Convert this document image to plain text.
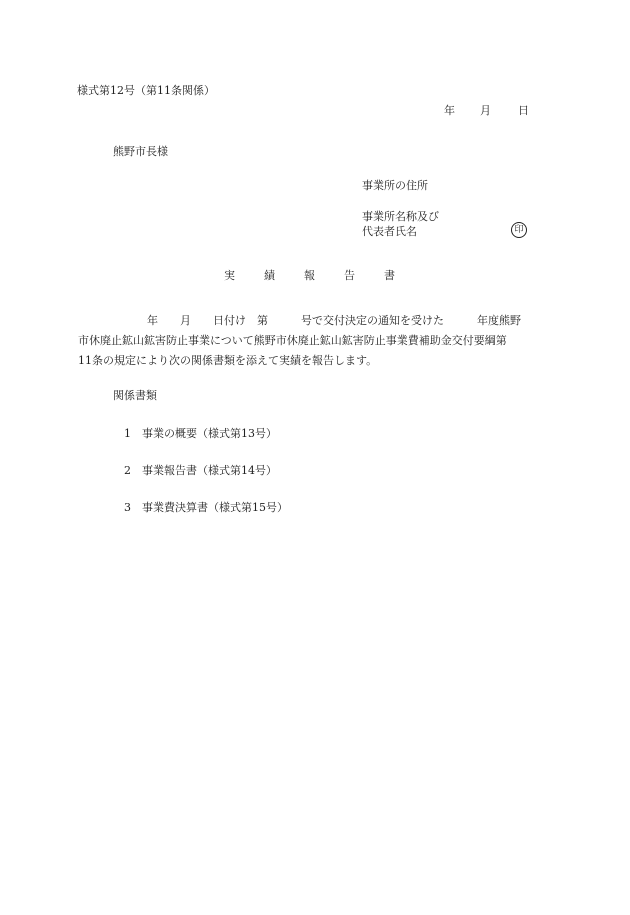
様式第12号（第11条関係）
年 月 日
熊野市長様
事業所の住所
事業所名称及び
代表者氏名	印
実	績	報	告	書
年　　月　　日付け　第　　　号で交付決定の通知を受けた　　　年度熊野
市休廃止鉱山鉱害防止事業について熊野市休廃止鉱山鉱害防止事業費補助金交付要綱第
11条の規定により次の関係書類を添えて実績を報告します。
関係書類
1 事業の概要（様式第13号）
2 事業報告書（様式第14号）
3 事業費決算書（様式第15号）
